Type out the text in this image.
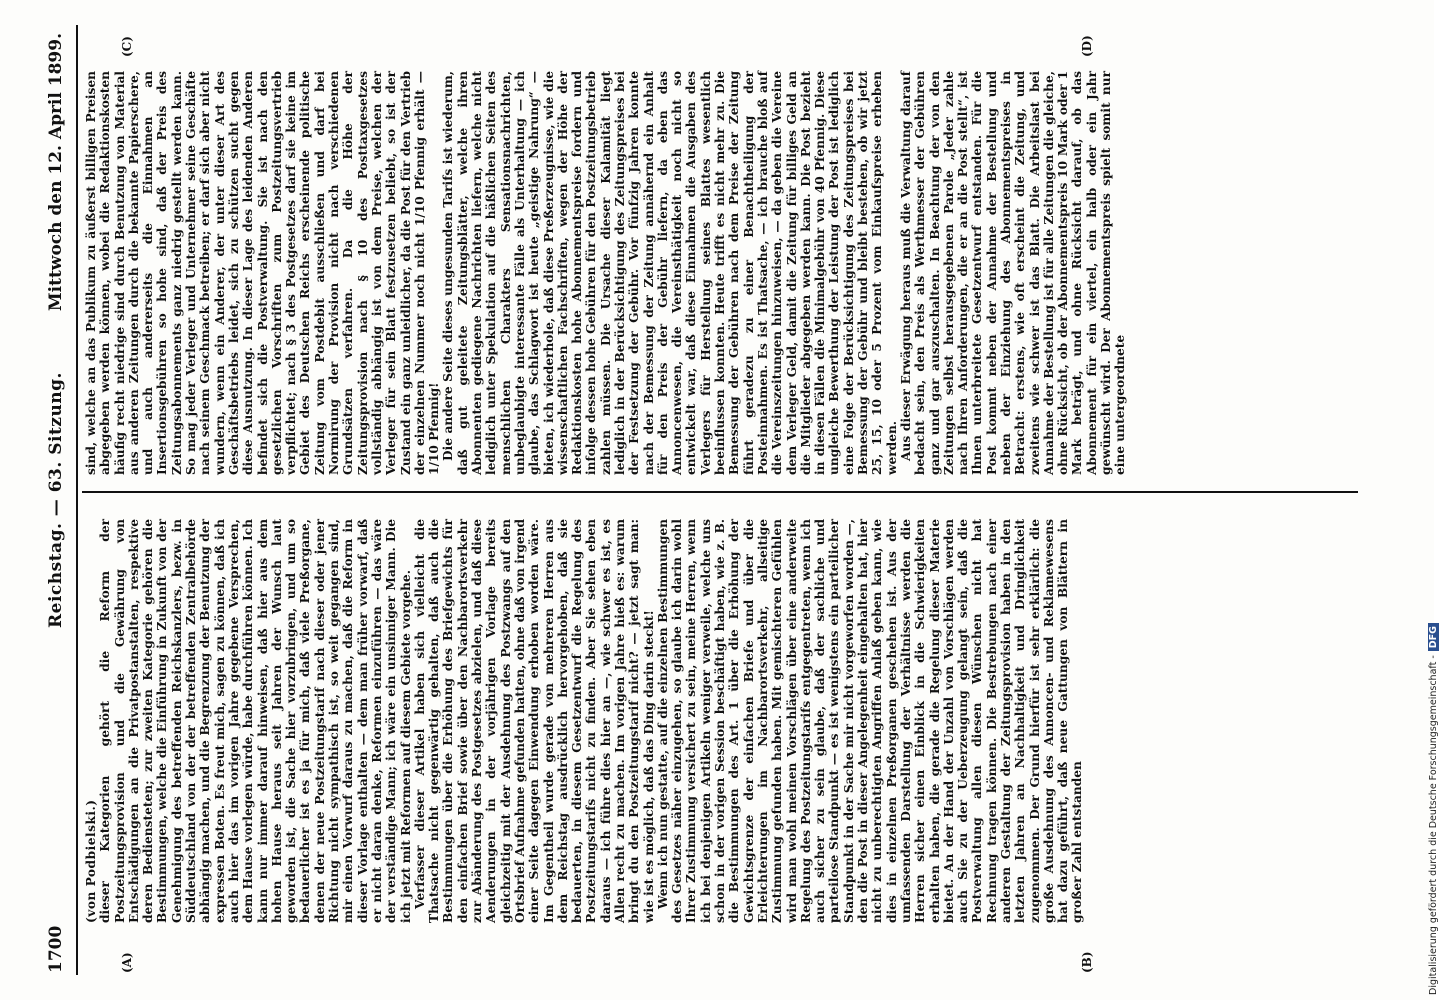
1700
Reichstag. — 63. Sitzung.
Mittwoch den 12. April 1899.
(A)	(B)
(C)	(D)

(von Podbielski.) dieser Kategorien gehört die Reform der Postzeitungsprovision und die Gewährung von Entschädigungen an die Privatpostanstalten, respektive deren Bediensteten; zur zweiten Kategorie gehören die Bestimmungen, welche die Einführung in Zukunft von der Genehmigung des betreffenden Reichskanzlers, bezw. in Süddeutschland von der der betreffenden Zentralbehörde abhängig machen, und die Begrenzung der Benutzung der expressen Boten. Es freut mich, sagen zu können, daß ich auch hier das im vorigen Jahre gegebene Versprechen, dem Hause vorlegen würde, habe durchführen können. Ich kann nur immer darauf hinweisen, daß hier aus dem hohen Hause heraus seit Jahren der Wunsch laut geworden ist, die Sache hier vorzubringen, und um so bedauerlicher ist es ja für mich, daß viele Preßorgane, denen der neue Postzeitungstarif nach dieser oder jener Richtung nicht sympathisch ist, so weit gegangen sind, mir einen Vorwurf daraus zu machen, daß die Reform in dieser Vorlage enthalten — dem man früher vorwarf, daß er nicht daran denke, Reformen einzuführen — das wäre der verständige Mann; ich wäre ein unsinniger Mann. Die ich jetzt mit Reformen auf diesem Gebiete vorgehe. Verfasser dieser Artikel haben sich vielleicht die Thatsache nicht gegenwärtig gehalten, daß auch die Bestimmungen über die Erhöhung des Briefgewichts für den einfachen Brief sowie über den Nachbarortsverkehr zur Abänderung des Postgesetzes abzielen, und daß diese Aenderungen in der vorjährigen Vorlage bereits gleichzeitig mit der Ausdehnung des Postzwangs auf den Ortsbrief Aufnahme gefunden hatten, ohne daß von irgend einer Seite dagegen Einwendung erhoben worden wäre. Im Gegentheil wurde gerade von mehreren Herren aus dem Reichstag ausdrücklich hervorgehoben, daß sie bedauerten, in diesem Gesetzentwurf die Regelung des Postzeitungstarifs nicht zu finden. Aber Sie sehen eben daraus — ich führe dies hier an —, wie schwer es ist, es Allen recht zu machen. Im vorigen Jahre hieß es: warum bringt du den Postzeitungstarif nicht? — jetzt sagt man: wie ist es möglich, daß das Ding darin steckt! Wenn ich nun gestatte, auf die einzelnen Bestimmungen des Gesetzes näher einzugehen, so glaube ich darin wohl Ihrer Zustimmung versichert zu sein, meine Herren, wenn ich bei denjenigen Artikeln weniger verweile, welche uns schon in der vorigen Session beschäftigt haben, wie z. B. die Bestimmungen des Art. 1 über die Erhöhung der Gewichtsgrenze der einfachen Briefe und über die Erleichterungen im Nachbarortsverkehr, allseitige Zustimmung gefunden haben. Mit gemischteren Gefühlen wird man wohl meinen Vorschlägen über eine anderweite Regelung des Postzeitungstarifs entgegentreten, wenn ich auch sicher zu sein glaube, daß der sachliche und parteilose Standpunkt — es ist wenigstens ein parteilicher Standpunkt in der Sache mir nicht vorgeworfen worden —, den die Post in dieser Angelegenheit eingehalten hat, hier nicht zu unberechtigten Angriffen Anlaß geben kann, wie dies in einzelnen Preßorganen geschehen ist. Aus der umfassenden Darstellung der Verhältnisse werden die Herren sicher einen Einblick in die Schwierigkeiten erhalten haben, die gerade die Regelung dieser Materie bietet. An der Hand der Unzahl von Vorschlägen werden auch Sie zu der Ueberzeugung gelangt sein, daß die Postverwaltung allen diesen Wünschen nicht hat Rechnung tragen können. Die Bestrebungen nach einer anderen Gestaltung der Zeitungsprovision haben in den letzten Jahren an Nachhaltigkeit und Dringlichkeit zugenommen. Der Grund hierfür ist sehr erklärlich: die große Ausdehnung des Annoncen- und Reklamewesens hat dazu geführt, daß neue Gattungen von Blättern in großer Zahl entstanden

sind, welche an das Publikum zu äußerst billigen Preisen abgegeben werden können, wobei die Redaktionskosten häufig recht niedrige sind durch Benutzung von Material aus anderen Zeitungen durch die bekannte Papierschere, und auch andererseits die Einnahmen an Insertionsgebühren so hohe sind, daß der Preis des Zeitungsabonnements ganz niedrig gestellt werden kann. So mag jeder Verleger und Unternehmer seine Geschäfte nach seinem Geschmack betreiben; er darf sich aber nicht wundern, wenn ein Anderer, der unter dieser Art des Geschäftsbetriebs leidet, sich zu schützen sucht gegen diese Ausnutzung. In dieser Lage des leidenden Anderen befindet sich die Postverwaltung. Sie ist nach den gesetzlichen Vorschriften zum Postzeitungsvertrieb verpflichtet; nach § 3 des Postgesetzes darf sie keine im Gebiet des Deutschen Reichs erscheinende politische Zeitung vom Postdebit ausschließen und darf bei Normirung der Provision nicht nach verschiedenen Grundsätzen verfahren. Da die Höhe der Zeitungsprovision nach § 10 des Posttaxgesetzes vollständig abhängig ist von dem Preise, welchen der Verleger für sein Blatt festzusetzen beliebt, so ist der Zustand ein ganz unleidlicher, da die Post für den Vertrieb der einzelnen Nummer noch nicht 1/10 Pfennig erhält — 1/10 Pfennig! Die andere Seite dieses ungesunden Tarifs ist wiederum, daß gut geleitete Zeitungsblätter, welche ihren Abonnenten gediegene Nachrichten liefern, welche nicht lediglich unter Spekulation auf die häßlichen Seiten des menschlichen Charakters Sensationsnachrichten, unbeglaubigte interessante Fälle als Unterhaltung — ich glaube, das Schlagwort ist heute „geistige Nahrung“ — bieten, ich wiederhole, daß diese Preßerzeugnisse, wie die wissenschaftlichen Fachschriften, wegen der Höhe der Redaktionskosten hohe Abonnementspreise fordern und infolge dessen hohe Gebühren für den Postzeitungsbetrieb zahlen müssen. Die Ursache dieser Kalamität liegt lediglich in der Berücksichtigung des Zeitungspreises bei der Festsetzung der Gebühr. Vor fünfzig Jahren konnte nach der Bemessung der Zeitung annähernd ein Anhalt für den Preis der Gebühr liefern, da eben das Annoncenwesen, die Vereinsthätigkeit noch nicht so entwickelt war, daß diese Einnahmen die Ausgaben des Verlegers für Herstellung seines Blattes wesentlich beeinflussen konnten. Heute trifft es nicht mehr zu. Die Bemessung der Gebühren nach dem Preise der Zeitung führt geradezu zu einer Benachtheiligung der Posteinnahmen. Es ist Thatsache, — ich brauche bloß auf die Vereinszeitungen hinzuweisen, — da geben die Vereine dem Verleger Geld, damit die Zeitung für billiges Geld an die Mitglieder abgegeben werden kann. Die Post bezieht in diesen Fällen die Minimalgebühr von 40 Pfennig. Diese ungleiche Bewerthung der Leistung der Post ist lediglich eine Folge der Berücksichtigung des Zeitungspreises bei Bemessung der Gebühr und bleibt bestehen, ob wir jetzt 25, 15, 10 oder 5 Prozent vom Einkaufspreise erheben werden. Aus dieser Erwägung heraus muß die Verwaltung darauf bedacht sein, den Preis als Werthmesser der Gebühren ganz und gar auszuschalten. In Beachtung der von den Zeitungen selbst herausgegebenen Parole „Jeder zahle nach Ihren Anforderungen, die er an die Post stellt“, ist Ihnen unterbreitete Gesetzentwurf entstanden. Für die Post kommt neben der Annahme der Bestellung und neben der Einziehung des Abonnementspreises in Betracht: erstens, wie oft erscheint die Zeitung, und zweitens wie schwer ist das Blatt. Die Arbeitslast bei Annahme der Bestellung ist für alle Zeitungen die gleiche, ohne Rücksicht, ob der Abonnementspreis 10 Mark oder 1 Mark beträgt, und ohne Rücksicht darauf, ob das Abonnement für ein viertel, ein halb oder ein Jahr gewünscht wird. Der Abonnementspreis spielt somit nur eine untergeordnete

Digitalisierung gefördert durch die Deutsche Forschungsgemeinschaft -DFG
